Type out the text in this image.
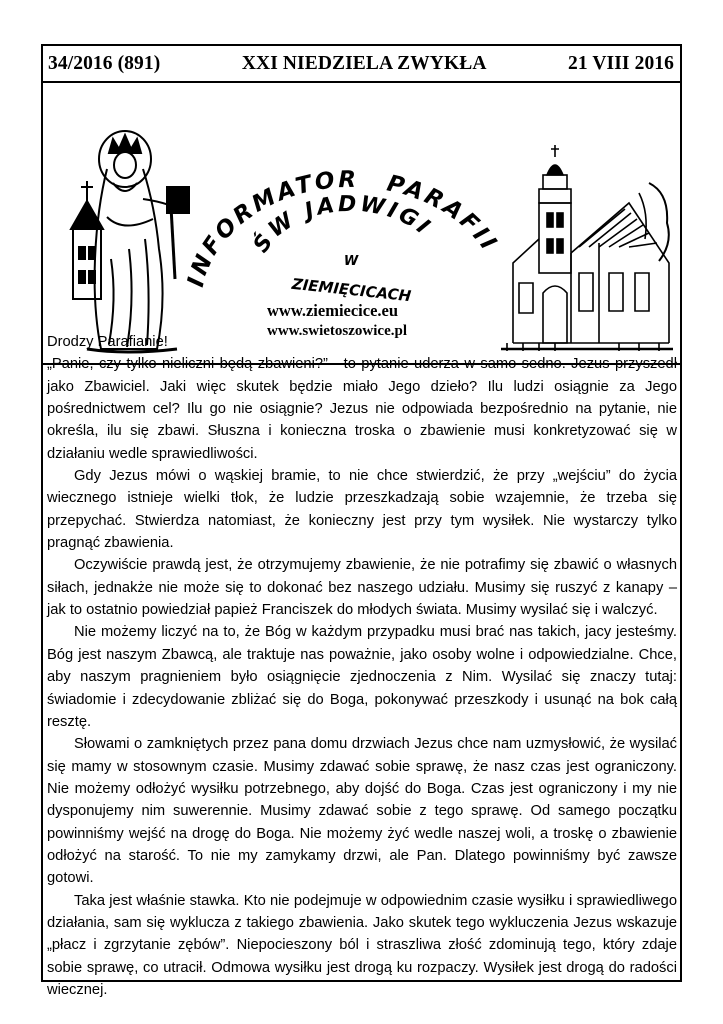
34/2016 (891)	XXI NIEDZIELA ZWYKŁA	21 VIII 2016
INFORMATOR PARAFII
ŚW JADWIGI
W
ZIEMIĘCICACH
www.ziemiecice.eu
www.swietoszowice.pl

Drodzy Parafianie!

„Panie, czy tylko nieliczni będą zbawieni?” - to pytanie uderza w samo sedno. Jezus przyszedł jako Zbawiciel. Jaki więc skutek będzie miało Jego dzieło? Ilu ludzi osiągnie za Jego pośrednictwem cel? Ilu go nie osiągnie? Jezus nie odpowiada bezpośrednio na pytanie, nie określa, ilu się zbawi. Słuszna i konieczna troska o zbawienie musi konkretyzować się w działaniu wedle sprawiedliwości.

Gdy Jezus mówi o wąskiej bramie, to nie chce stwierdzić, że przy „wejściu” do życia wiecznego istnieje wielki tłok, że ludzie przeszkadzają sobie wzajemnie, że trzeba się przepychać. Stwierdza natomiast, że konieczny jest przy tym wysiłek. Nie wystarczy tylko pragnąć zbawienia.

Oczywiście prawdą jest, że otrzymujemy zbawienie, że nie potrafimy się zbawić o własnych siłach, jednakże nie może się to dokonać bez naszego udziału. Musimy się ruszyć z kanapy – jak to ostatnio powiedział papież Franciszek do młodych świata. Musimy wysilać się i walczyć.

Nie możemy liczyć na to, że Bóg w każdym przypadku musi brać nas takich, jacy jesteśmy. Bóg jest naszym Zbawcą, ale traktuje nas poważnie, jako osoby wolne i odpowiedzialne. Chce, aby naszym pragnieniem było osiągnięcie zjednoczenia z Nim. Wysilać się znaczy tutaj: świadomie i zdecydowanie zbliżać się do Boga, pokonywać przeszkody i usunąć na bok całą resztę.

Słowami o zamkniętych przez pana domu drzwiach Jezus chce nam uzmysłowić, że wysilać się mamy w stosownym czasie. Musimy zdawać sobie sprawę, że nasz czas jest ograniczony. Nie możemy odłożyć wysiłku potrzebnego, aby dojść do Boga. Czas jest ograniczony i my nie dysponujemy nim suwerennie. Musimy zdawać sobie z tego sprawę. Od samego początku powinniśmy wejść na drogę do Boga. Nie możemy żyć wedle naszej woli, a troskę o zbawienie odłożyć na starość. To nie my zamykamy drzwi, ale Pan. Dlatego powinniśmy być zawsze gotowi.

Taka jest właśnie stawka. Kto nie podejmuje w odpowiednim czasie wysiłku i sprawiedliwego działania, sam się wyklucza z takiego zbawienia. Jako skutek tego wykluczenia Jezus wskazuje „płacz i zgrzytanie zębów”. Niepocieszony ból i straszliwa złość zdominują tego, który zdaje sobie sprawę, co utracił. Odmowa wysiłku jest drogą ku rozpaczy. Wysiłek jest drogą do radości wiecznej.
